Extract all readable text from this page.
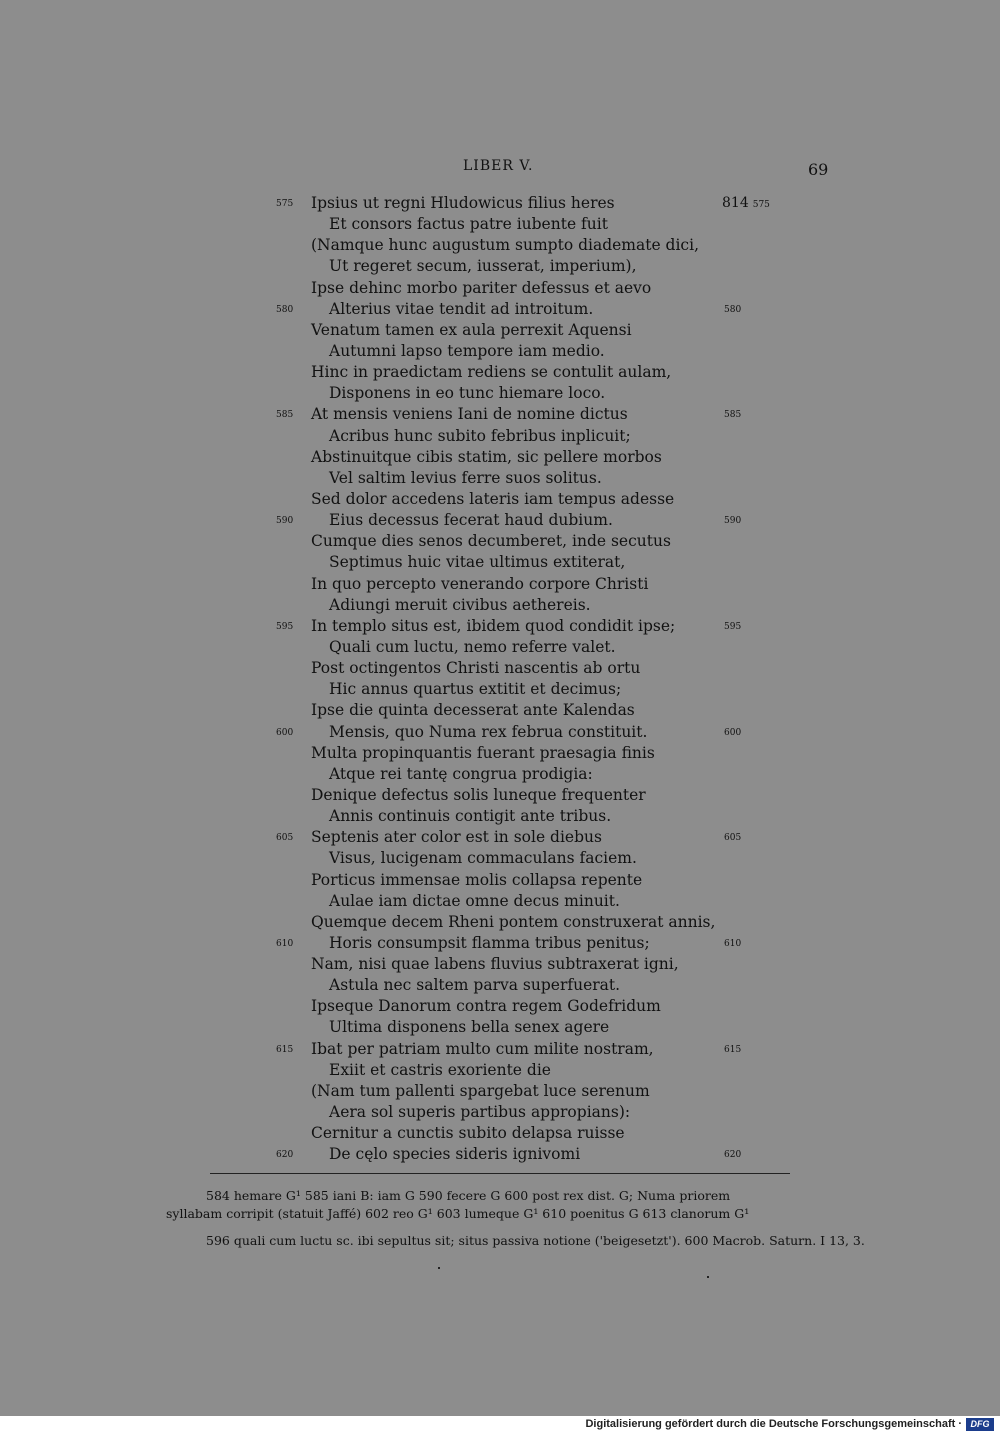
LIBER V.	69
575 Ipsius ut regni Hludowicus filius heres	814 575
Et consors factus patre iubente fuit
(Namque hunc augustum sumpto diademate dici,
Ut regeret secum, iusserat, imperium),
Ipse dehinc morbo pariter defessus et aevo
580 Alterius vitae tendit ad introitum.	580
Venatum tamen ex aula perrexit Aquensi
Autumni lapso tempore iam medio.
Hinc in praedictam rediens se contulit aulam,
Disponens in eo tunc hiemare loco.
585 At mensis veniens Iani de nomine dictus	585
Acribus hunc subito febribus inplicuit;
Abstinuitque cibis statim, sic pellere morbos
Vel saltim levius ferre suos solitus.
Sed dolor accedens lateris iam tempus adesse
590 Eius decessus fecerat haud dubium.	590
Cumque dies senos decumberet, inde secutus
Septimus huic vitae ultimus extiterat,
In quo percepto venerando corpore Christi
Adiungi meruit civibus aethereis.
595 In templo situs est, ibidem quod condidit ipse;	595
Quali cum luctu, nemo referre valet.
Post octingentos Christi nascentis ab ortu
Hic annus quartus extitit et decimus;
Ipse die quinta decesserat ante Kalendas
600 Mensis, quo Numa rex februa constituit.	600
Multa propinquantis fuerant praesagia finis
Atque rei tantę congrua prodigia:
Denique defectus solis luneque frequenter
Annis continuis contigit ante tribus.
605 Septenis ater color est in sole diebus	605
Visus, lucigenam commaculans faciem.
Porticus immensae molis collapsa repente
Aulae iam dictae omne decus minuit.
Quemque decem Rheni pontem construxerat annis,
610 Horis consumpsit flamma tribus penitus;	610
Nam, nisi quae labens fluvius subtraxerat igni,
Astula nec saltem parva superfuerat.
Ipseque Danorum contra regem Godefridum
Ultima disponens bella senex agere
615 Ibat per patriam multo cum milite nostram,	615
Exiit et castris exoriente die
(Nam tum pallenti spargebat luce serenum
Aera sol superis partibus appropians):
Cernitur a cunctis subito delapsa ruisse
620 De cęlo species sideris ignivomi	620
584 hemare G¹ 585 iani B: iam G 590 fecere G 600 post rex dist. G; Numa priorem
syllabam corripit (statuit Jaffé) 602 reo G¹ 603 lumeque G¹ 610 poenitus G 613 clanorum G¹
596 quali cum luctu sc. ibi sepultus sit; situs passiva notione ('beigesetzt'). 600 Macrob. Saturn. I 13, 3.
Digitalisierung gefördert durch die Deutsche Forschungsgemeinschaft · DFG
